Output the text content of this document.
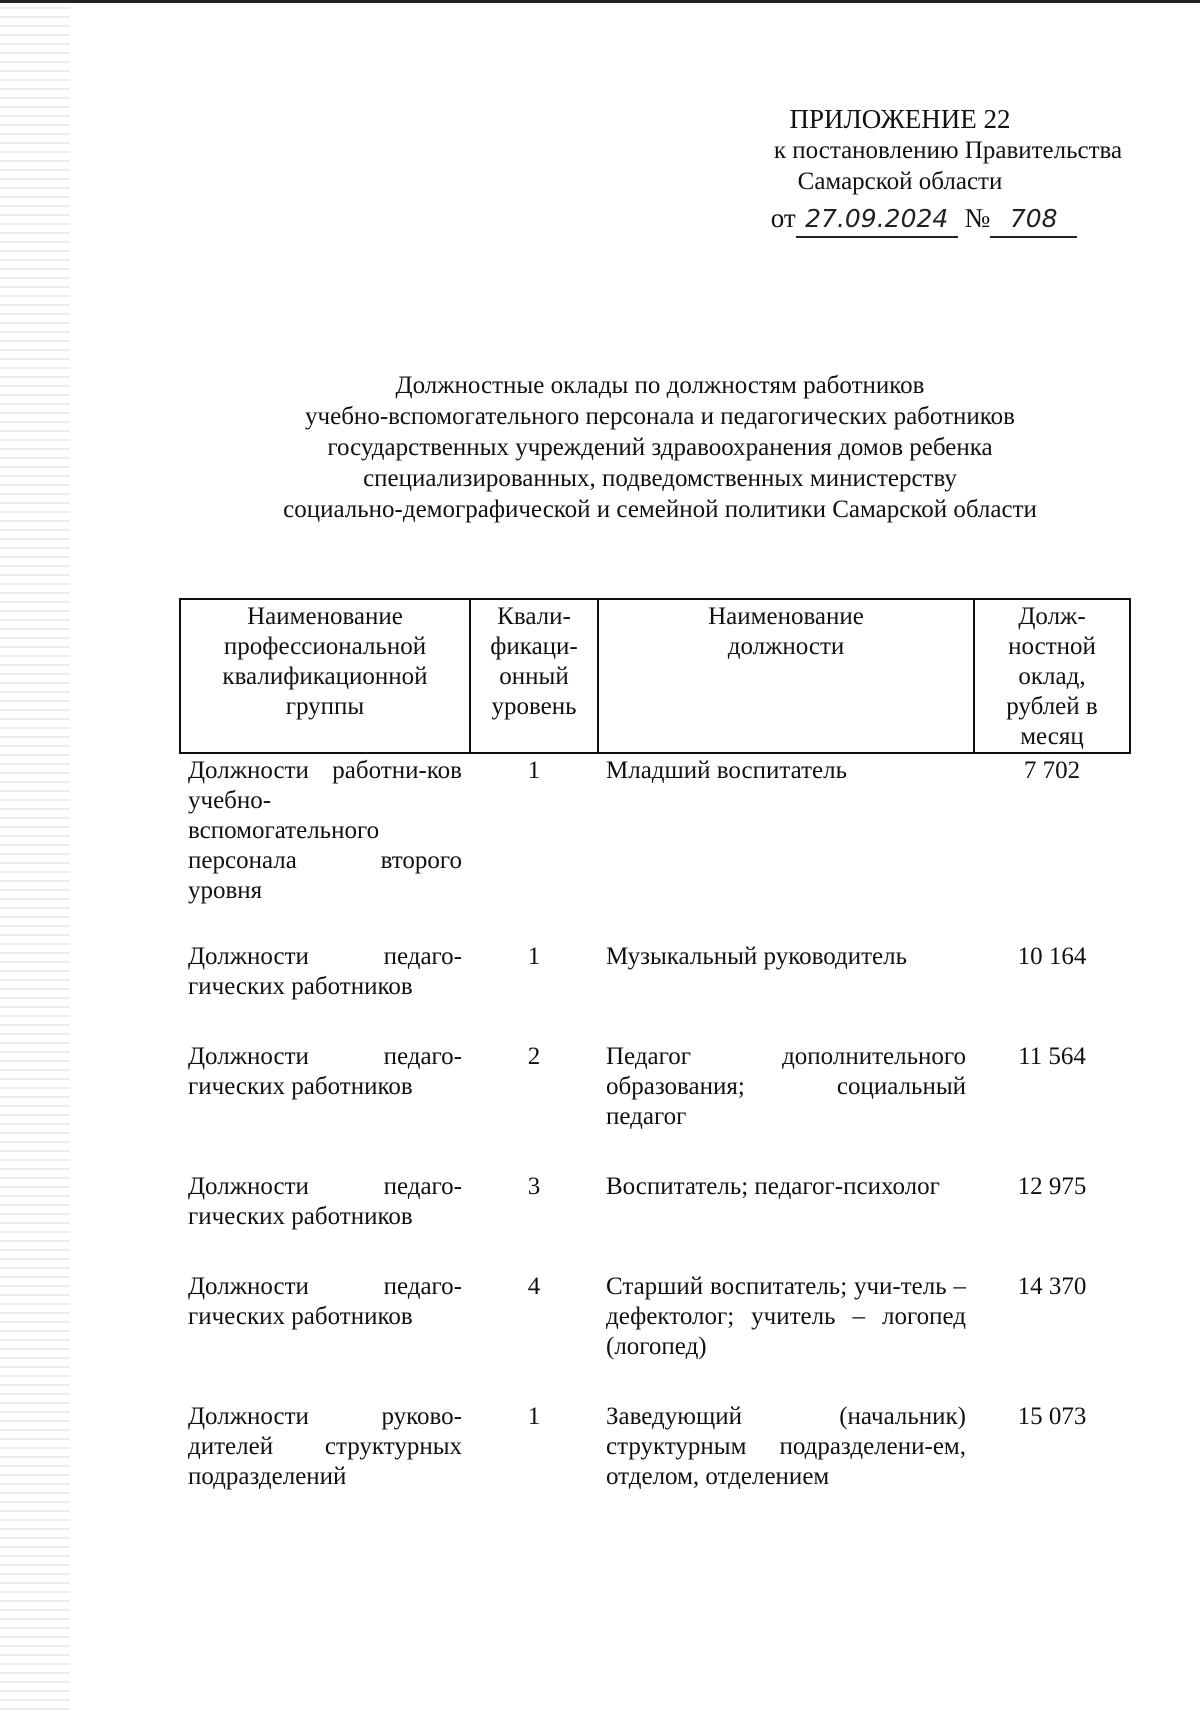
ПРИЛОЖЕНИЕ 22
к постановлению Правительства
Самарской области
от 27.09.2024 № 708
Должностные оклады по должностям работников
учебно-вспомогательного персонала и педагогических работников
государственных учреждений здравоохранения домов ребенка
специализированных, подведомственных министерству
социально-демографической и семейной политики Самарской области
Наименование профессиональной квалификационной группы	Квали-фикаци-онный уровень	Наименование должности	Долж-ностной оклад, рублей в месяц
Должности работни-ков учебно-вспомогательного персонала второго уровня	1	Младший воспитатель	7 702
Должности педаго-гических работников	1	Музыкальный руководитель	10 164
Должности педаго-гических работников	2	Педагог дополнительного образования; социальный педагог	11 564
Должности педаго-гических работников	3	Воспитатель; педагог-психолог	12 975
Должности педаго-гических работников	4	Старший воспитатель; учи-тель – дефектолог; учитель – логопед (логопед)	14 370
Должности руково-дителей структурных подразделений	1	Заведующий (начальник) структурным подразделени-ем, отделом, отделением	15 073
